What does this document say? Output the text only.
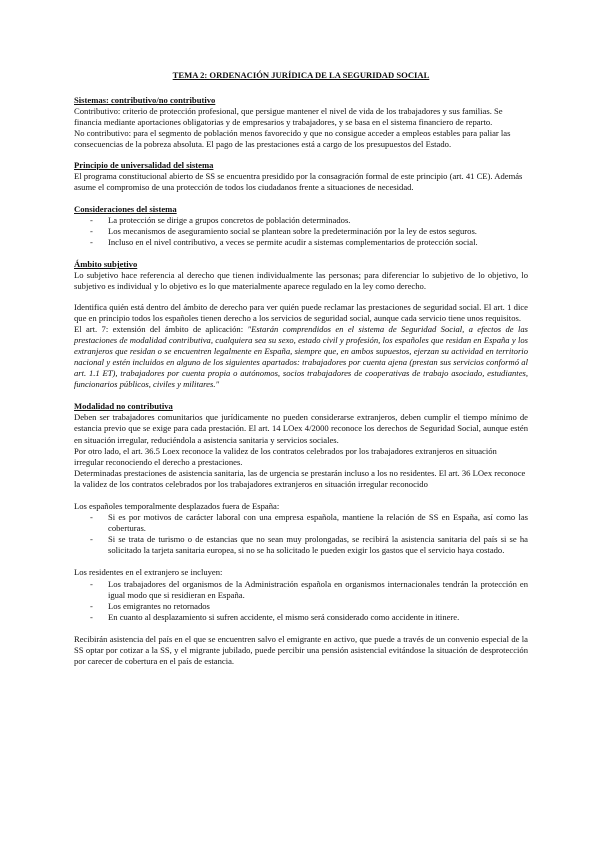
TEMA 2: ORDENACIÓN JURÍDICA DE LA SEGURIDAD SOCIAL

Sistemas: contributivo/no contributivo

Contributivo: criterio de protección profesional, que persigue mantener el nivel de vida de los trabajadores y sus familias. Se financia mediante aportaciones obligatorias y de empresarios y trabajadores, y se basa en el sistema financiero de reparto.

No contributivo: para el segmento de población menos favorecido y que no consigue acceder a empleos estables para paliar las consecuencias de la pobreza absoluta. El pago de las prestaciones está a cargo de los presupuestos del Estado.

Principio de universalidad del sistema

El programa constitucional abierto de SS se encuentra presidido por la consagración formal de este principio (art. 41 CE). Además asume el compromiso de una protección de todos los ciudadanos frente a situaciones de necesidad.

Consideraciones del sistema

- La protección se dirige a grupos concretos de población determinados.
- Los mecanismos de aseguramiento social se plantean sobre la predeterminación por la ley de estos seguros.
- Incluso en el nivel contributivo, a veces se permite acudir a sistemas complementarios de protección social.

Ámbito subjetivo

Lo subjetivo hace referencia al derecho que tienen individualmente las personas; para diferenciar lo subjetivo de lo objetivo, lo subjetivo es individual y lo objetivo es lo que materialmente aparece regulado en la ley como derecho.

Identifica quién está dentro del ámbito de derecho para ver quién puede reclamar las prestaciones de seguridad social. El art. 1 dice que en principio todos los españoles tienen derecho a los servicios de seguridad social, aunque cada servicio tiene unos requisitos.

El art. 7: extensión del ámbito de aplicación: "Estarán comprendidos en el sistema de Seguridad Social, a efectos de las prestaciones de modalidad contributiva, cualquiera sea su sexo, estado civil y profesión, los españoles que residan en España y los extranjeros que residan o se encuentren legalmente en España, siempre que, en ambos supuestos, ejerzan su actividad en territorio nacional y estén incluidos en alguno de los siguientes apartados: trabajadores por cuenta ajena (prestan sus servicios conformó al art. 1.1 ET), trabajadores por cuenta propia o autónomos, socios trabajadores de cooperativas de trabajo asociado, estudiantes, funcionarios públicos, civiles y militares."

Modalidad no contributiva

Deben ser trabajadores comunitarios que jurídicamente no pueden considerarse extranjeros, deben cumplir el tiempo mínimo de estancia previo que se exige para cada prestación. El art. 14 LOex 4/2000 reconoce los derechos de Seguridad Social, aunque estén en situación irregular, reduciéndola a asistencia sanitaria y servicios sociales.

Por otro lado, el art. 36.5 Loex reconoce la validez de los contratos celebrados por los trabajadores extranjeros en situación irregular reconociendo el derecho a prestaciones.

Determinadas prestaciones de asistencia sanitaria, las de urgencia se prestarán incluso a los no residentes. El art. 36 LOex reconoce la validez de los contratos celebrados por los trabajadores extranjeros en situación irregular reconocido

Los españoles temporalmente desplazados fuera de España:

- Si es por motivos de carácter laboral con una empresa española, mantiene la relación de SS en España, así como las coberturas.
- Si se trata de turismo o de estancias que no sean muy prolongadas, se recibirá la asistencia sanitaria del país si se ha solicitado la tarjeta sanitaria europea, si no se ha solicitado le pueden exigir los gastos que el servicio haya costado.

Los residentes en el extranjero se incluyen:

- Los trabajadores del organismos de la Administración española en organismos internacionales tendrán la protección en igual modo que si residieran en España.
- Los emigrantes no retornados
- En cuanto al desplazamiento si sufren accidente, el mismo será considerado como accidente in itinere.

Recibirán asistencia del país en el que se encuentren salvo el emigrante en activo, que puede a través de un convenio especial de la SS optar por cotizar a la SS, y el migrante jubilado, puede percibir una pensión asistencial evitándose la situación de desprotección por carecer de cobertura en el país de estancia.
